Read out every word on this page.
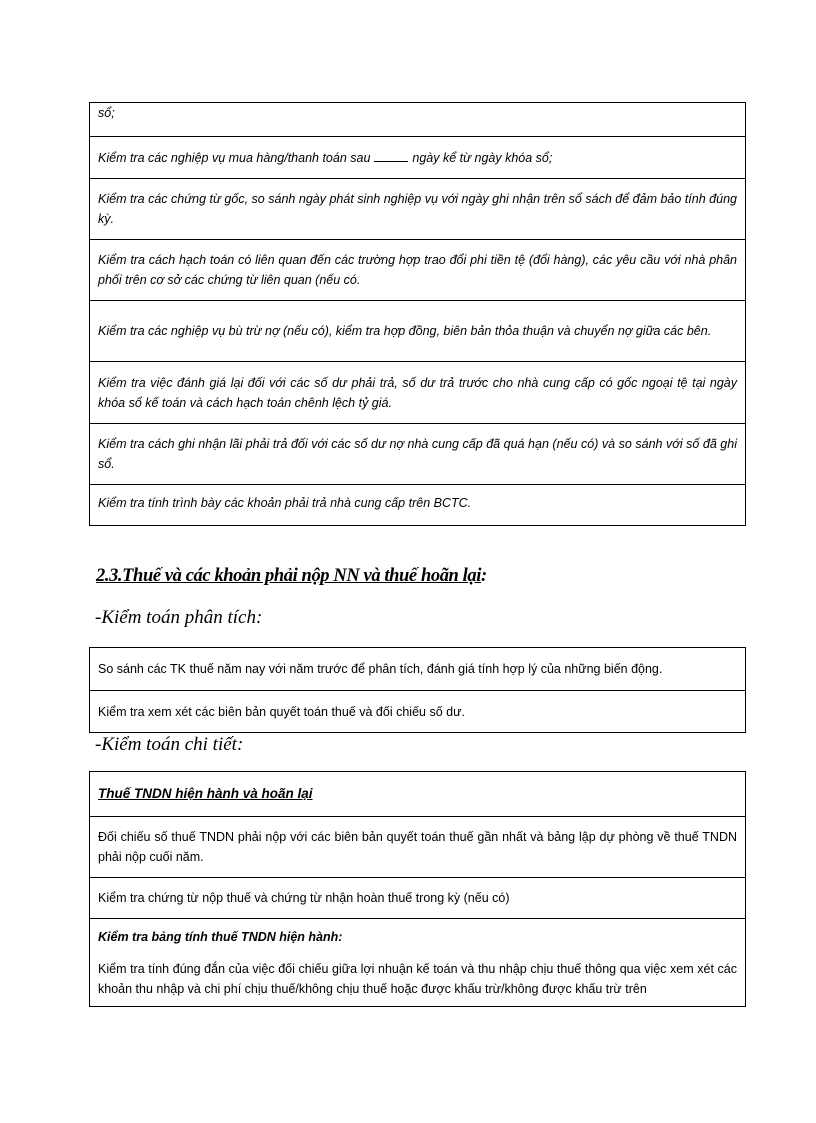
sổ;
Kiểm tra các nghiệp vụ mua hàng/thanh toán sau	ngày kể từ ngày khóa sổ;
Kiểm tra các chứng từ gốc, so sánh ngày phát sinh nghiệp vụ với ngày ghi nhận trên sổ sách để đảm bảo tính đúng kỳ.
Kiểm tra cách hạch toán có liên quan đến các trường hợp trao đổi phi tiền tệ (đổi hàng), các yêu cầu với nhà phân phối trên cơ sở các chứng từ liên quan (nếu có.
Kiểm tra các nghiệp vụ bù trừ nợ (nếu có), kiểm tra hợp đồng, biên bản thỏa thuận và chuyển nợ giữa các bên.
Kiểm tra việc đánh giá lại đối với các số dư phải trả, số dư trả trước cho nhà cung cấp có gốc ngoại tệ tại ngày khóa sổ kế toán và cách hạch toán chênh lệch tỷ giá.
Kiểm tra cách ghi nhận lãi phải trả đối với các số dư nợ nhà cung cấp đã quá hạn (nếu có) và so sánh với số đã ghi sổ.
Kiểm tra tính trình bày các khoản phải trả nhà cung cấp trên BCTC.
2.3.Thuế và các khoản phải nộp NN và thuế hoãn lại:
-Kiểm toán phân tích:
So sánh các TK thuế năm nay với năm trước để phân tích, đánh giá tính hợp lý của những biến động.
Kiểm tra xem xét các biên bản quyết toán thuế và đối chiếu số dư.
-Kiểm toán chi tiết:
Thuế TNDN hiện hành và hoãn lại
Đối chiếu số thuế TNDN phải nộp với các biên bản quyết toán thuế gần nhất và bảng lập dự phòng về thuế TNDN phải nộp cuối năm.
Kiểm tra chứng từ nộp thuế và chứng từ nhận hoàn thuế trong kỳ (nếu có)
Kiểm tra bảng tính thuế TNDN hiện hành:
Kiểm tra tính đúng đắn của việc đối chiếu giữa lợi nhuận kế toán và thu nhập chịu thuế thông qua việc xem xét các khoản thu nhập và chi phí chịu thuế/không chịu thuế hoặc được khấu trừ/không được khấu trừ trên
